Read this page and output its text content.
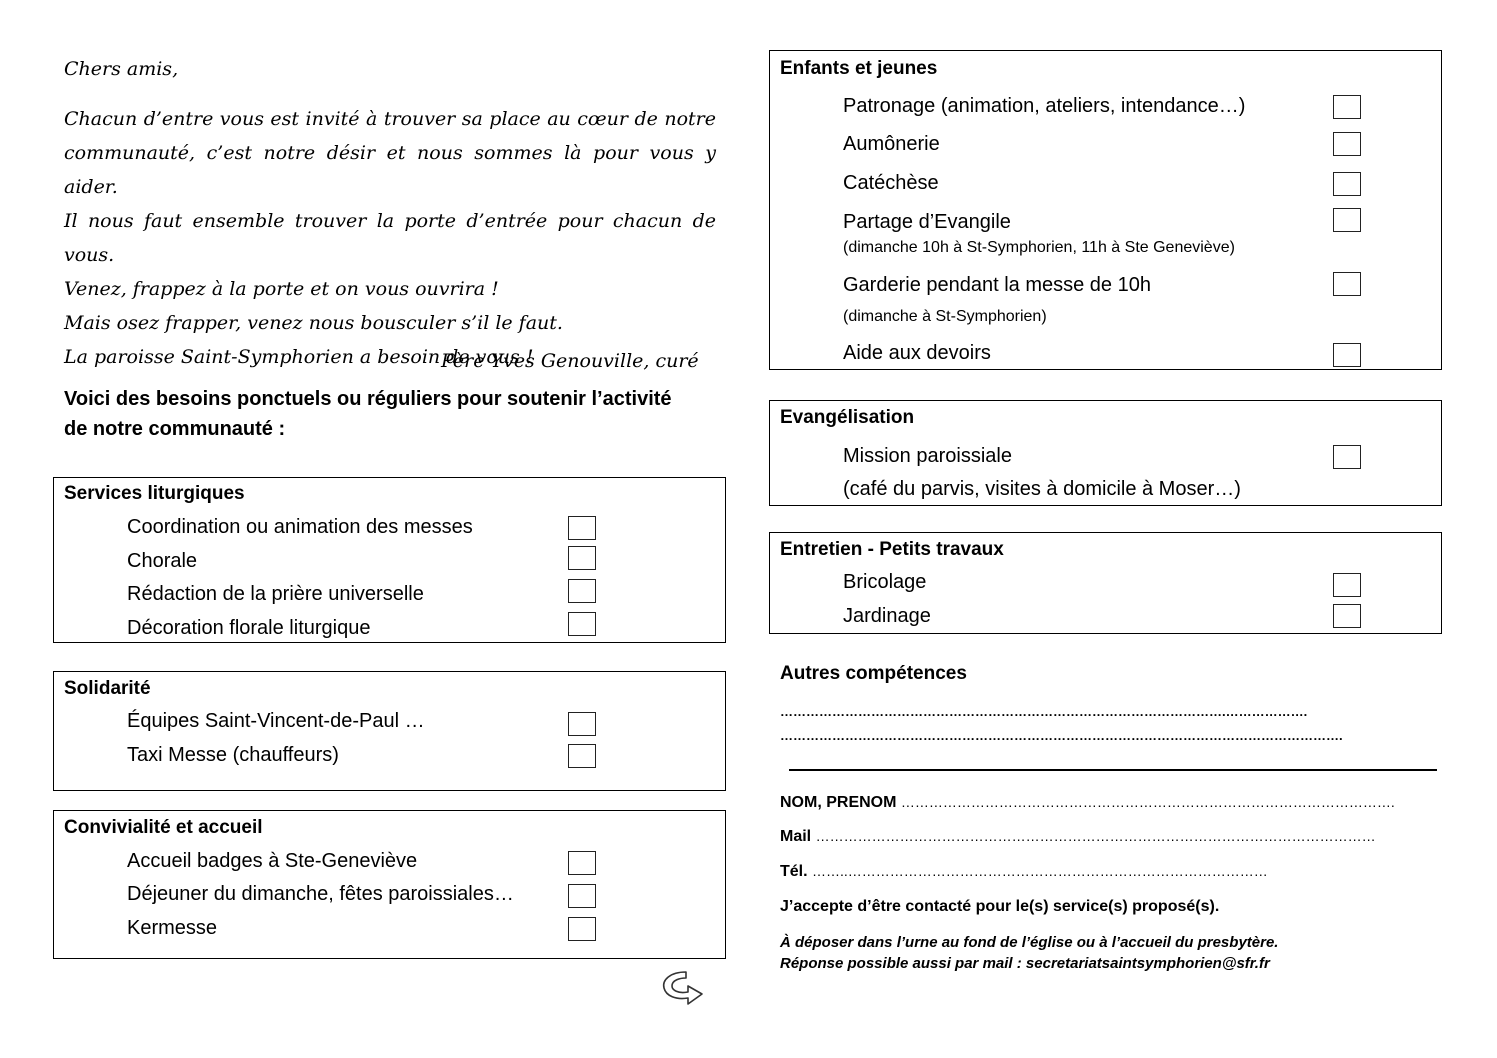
Chers amis,
Chacun d’entre vous est invité à trouver sa place au cœur de notre
communauté, c’est notre désir et nous sommes là pour vous y aider.
Il nous faut ensemble trouver la porte d’entrée pour chacun de
vous.
Venez, frappez à la porte et on vous ouvrira !
Mais osez frapper, venez nous bousculer s’il le faut.
La paroisse Saint-Symphorien a besoin de vous !
Père Yves Genouville, curé
Voici des besoins ponctuels ou réguliers pour soutenir l’activité
de notre communauté :
Services liturgiques
Coordination ou animation des messes
Chorale
Rédaction de la prière universelle
Décoration florale liturgique
Solidarité
Équipes Saint-Vincent-de-Paul …
Taxi Messe (chauffeurs)
Convivialité et accueil
Accueil badges à Ste-Geneviève
Déjeuner du dimanche, fêtes paroissiales…
Kermesse
Enfants et jeunes
Patronage (animation, ateliers, intendance…)
Aumônerie
Catéchèse
Partage d’Evangile
(dimanche 10h à St-Symphorien, 11h à Ste Geneviève)
Garderie pendant la messe de 10h
(dimanche à St-Symphorien)
Aide aux devoirs
Evangélisation
Mission paroissiale
(café du parvis, visites à domicile à Moser…)
Entretien - Petits travaux
Bricolage
Jardinage
Autres compétences
………………………………………………………………………………………….……………….
………………………………………………………………………………………………………………….
NOM, PRENOM …………………………………………………………………………………………….
Mail …………………………………………………………………………………………………………
Tél. ……..………………………………………………………………………………
J’accepte d’être contacté pour le(s) service(s) proposé(s).
À déposer dans l’urne au fond de l’église ou à l’accueil du presbytère.
Réponse possible aussi par mail : secretariatsaintsymphorien@sfr.fr
